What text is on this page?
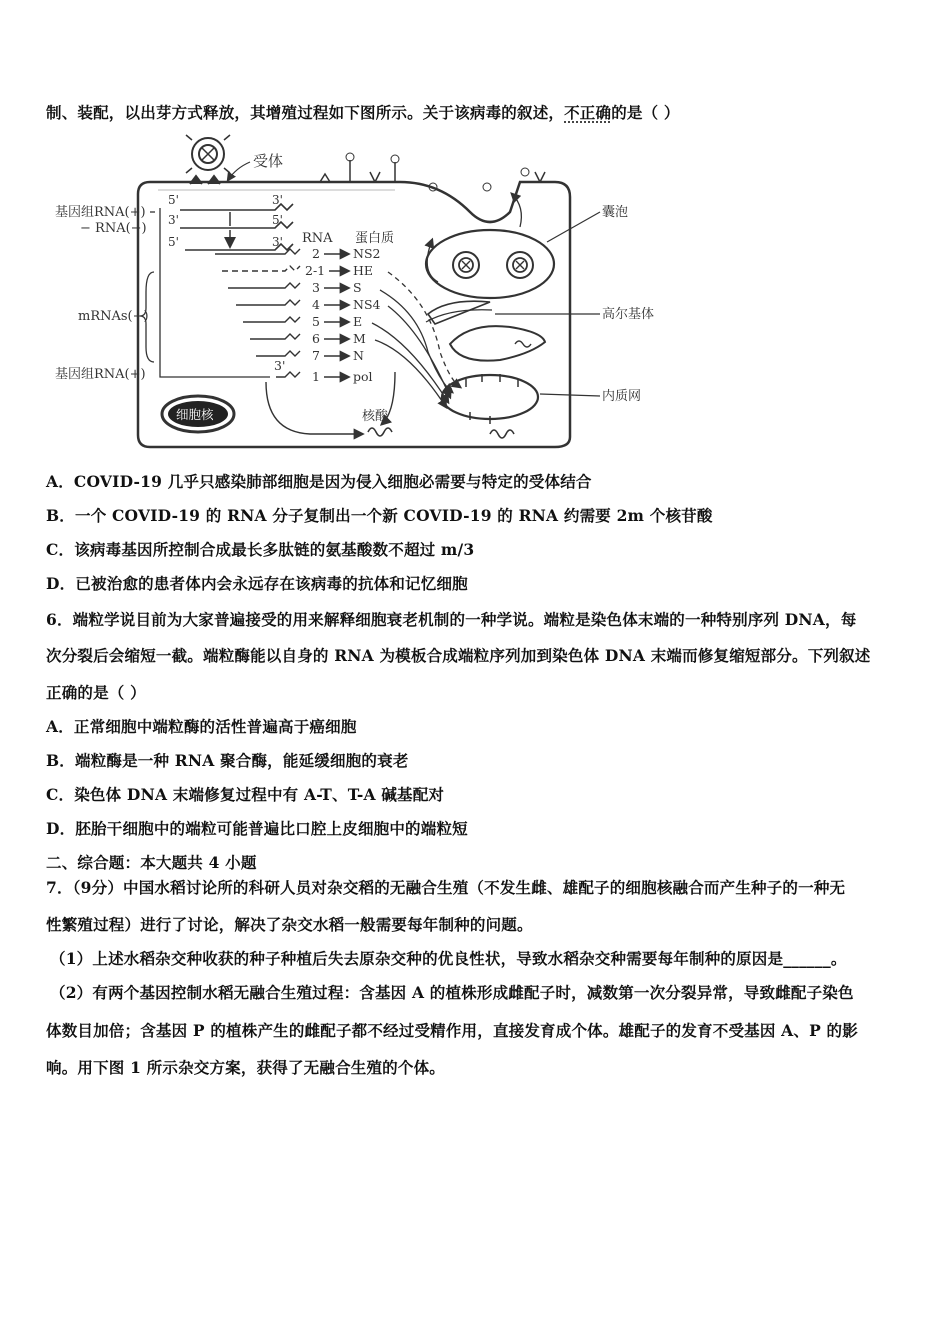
制、装配，以出芽方式释放，其增殖过程如下图所示。关于该病毒的叙述，不正确的是（ ）
受体
基因组RNA(+)
− RNA(−)
mRNAs(+)
基因组RNA(+)
5'
3'
5'
3'
5'
3' RNA 蛋白质
2	NS2
2-1 HE
3	S
4	NS4
5	E
6	M
7	N
3'
1	pol
细胞核	核酸
囊泡
高尔基体
内质网
A．COVID-19 几乎只感染肺部细胞是因为侵入细胞必需要与特定的受体结合
B．一个 COVID-19 的 RNA 分子复制出一个新 COVID-19 的 RNA 约需要 2m 个核苷酸
C．该病毒基因所控制合成最长多肽链的氨基酸数不超过 m/3
D．已被治愈的患者体内会永远存在该病毒的抗体和记忆细胞
6．端粒学说目前为大家普遍接受的用来解释细胞衰老机制的一种学说。端粒是染色体末端的一种特别序列 DNA，每
次分裂后会缩短一截。端粒酶能以自身的 RNA 为模板合成端粒序列加到染色体 DNA 末端而修复缩短部分。下列叙述
正确的是（ ）
A．正常细胞中端粒酶的活性普遍高于癌细胞
B．端粒酶是一种 RNA 聚合酶，能延缓细胞的衰老
C．染色体 DNA 末端修复过程中有 A-T、T-A 碱基配对
D．胚胎干细胞中的端粒可能普遍比口腔上皮细胞中的端粒短
二、综合题：本大题共 4 小题
7．（9分）中国水稻讨论所的科研人员对杂交稻的无融合生殖（不发生雌、雄配子的细胞核融合而产生种子的一种无
性繁殖过程）进行了讨论，解决了杂交水稻一般需要每年制种的问题。
（1）上述水稻杂交种收获的种子种植后失去原杂交种的优良性状，导致水稻杂交种需要每年制种的原因是______。
（2）有两个基因控制水稻无融合生殖过程：含基因 A 的植株形成雌配子时，减数第一次分裂异常，导致雌配子染色
体数目加倍；含基因 P 的植株产生的雌配子都不经过受精作用，直接发育成个体。雄配子的发育不受基因 A、P 的影
响。用下图 1 所示杂交方案，获得了无融合生殖的个体。
